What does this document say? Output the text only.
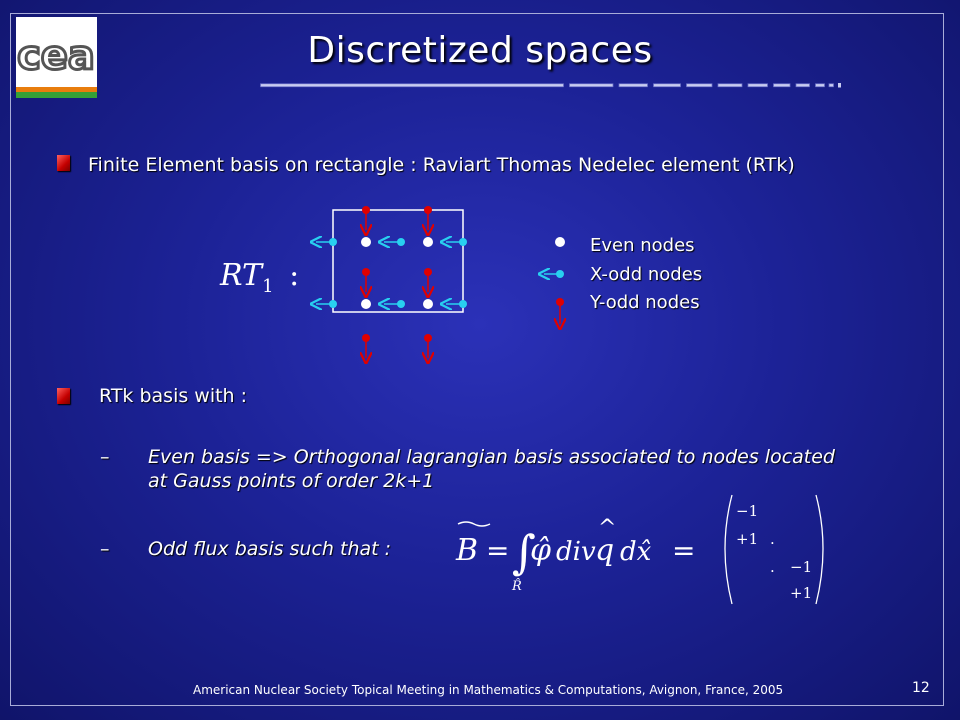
cea	Discretized spaces
Finite Element basis on rectangle : Raviart Thomas Nedelec element (RTk)
$RT_1$ :
Even nodes
X-odd nodes
Y-odd nodes
RTk basis with :
– Even basis => Orthogonal lagrangian basis associated to nodes located
at Gauss points of order 2k+1
– Odd flux basis such that : B = ∫
R̂
φ̂ div
^
q dx̂ =
−1
+1 .
. −1
+1
American Nuclear Society Topical Meeting in Mathematics & Computations, Avignon, France, 2005	12
